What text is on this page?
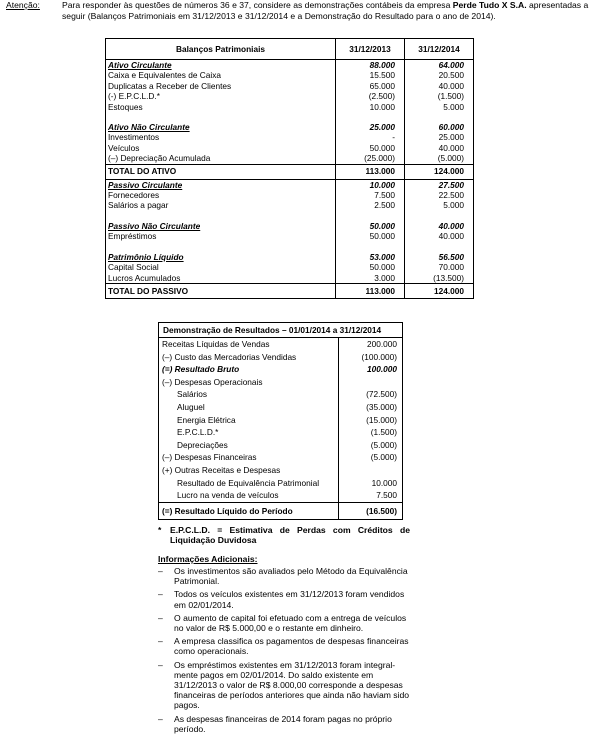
Atenção:	Para responder às questões de números 36 e 37, considere as demonstrações contábeis da empresa Perde Tudo X S.A. apresentadas a seguir (Balanços Patrimoniais em 31/12/2013 e 31/12/2014 e a Demonstração do Resultado para o ano de 2014).
Balanços Patrimoniais	31/12/2013	31/12/2014
Ativo Circulante	88.000	64.000
Caixa e Equivalentes de Caixa	15.500	20.500
Duplicatas a Receber de Clientes	65.000	40.000
(-) E.P.C.L.D.*	(2.500)	(1.500)
Estoques	10.000	5.000

Ativo Não Circulante	25.000	60.000
Investimentos	-	25.000
Veículos	50.000	40.000
(–) Depreciação Acumulada	(25.000)	(5.000)
TOTAL DO ATIVO	113.000	124.000
Passivo Circulante	10.000	27.500
Fornecedores	7.500	22.500
Salários a pagar	2.500	5.000

Passivo Não Circulante	50.000	40.000
Empréstimos	50.000	40.000

Patrimônio Líquido	53.000	56.500
Capital Social	50.000	70.000
Lucros Acumulados	3.000	(13.500)
TOTAL DO PASSIVO	113.000	124.000
Demonstração de Resultados – 01/01/2014 a 31/12/2014	
Receitas Líquidas de Vendas	200.000
(–) Custo das Mercadorias Vendidas	(100.000)
(=) Resultado Bruto	100.000
(–) Despesas Operacionais	
Salários	(72.500)
Aluguel	(35.000)
Energia Elétrica	(15.000)
E.P.C.L.D.*	(1.500)
Depreciações	(5.000)
(–) Despesas Financeiras	(5.000)
(+) Outras Receitas e Despesas	
Resultado de Equivalência Patrimonial	10.000
Lucro na venda de veículos	7.500
(=) Resultado Líquido do Período	(16.500)
* E.P.C.L.D. = Estimativa de Perdas com Créditos de Liquidação Duvidosa
Informações Adicionais:
– Os investimentos são avaliados pelo Método da Equivalência Patrimonial.
– Todos os veículos existentes em 31/12/2013 foram vendidos em 02/01/2014.
– O aumento de capital foi efetuado com a entrega de veículos no valor de R$ 5.000,00 e o restante em dinheiro.
– A empresa classifica os pagamentos de despesas financeiras como operacionais.
– Os empréstimos existentes em 31/12/2013 foram integral-mente pagos em 02/01/2014. Do saldo existente em 31/12/2013 o valor de R$ 8.000,00 corresponde a despesas financeiras de períodos anteriores que ainda não haviam sido pagos.
– As despesas financeiras de 2014 foram pagas no próprio período.
